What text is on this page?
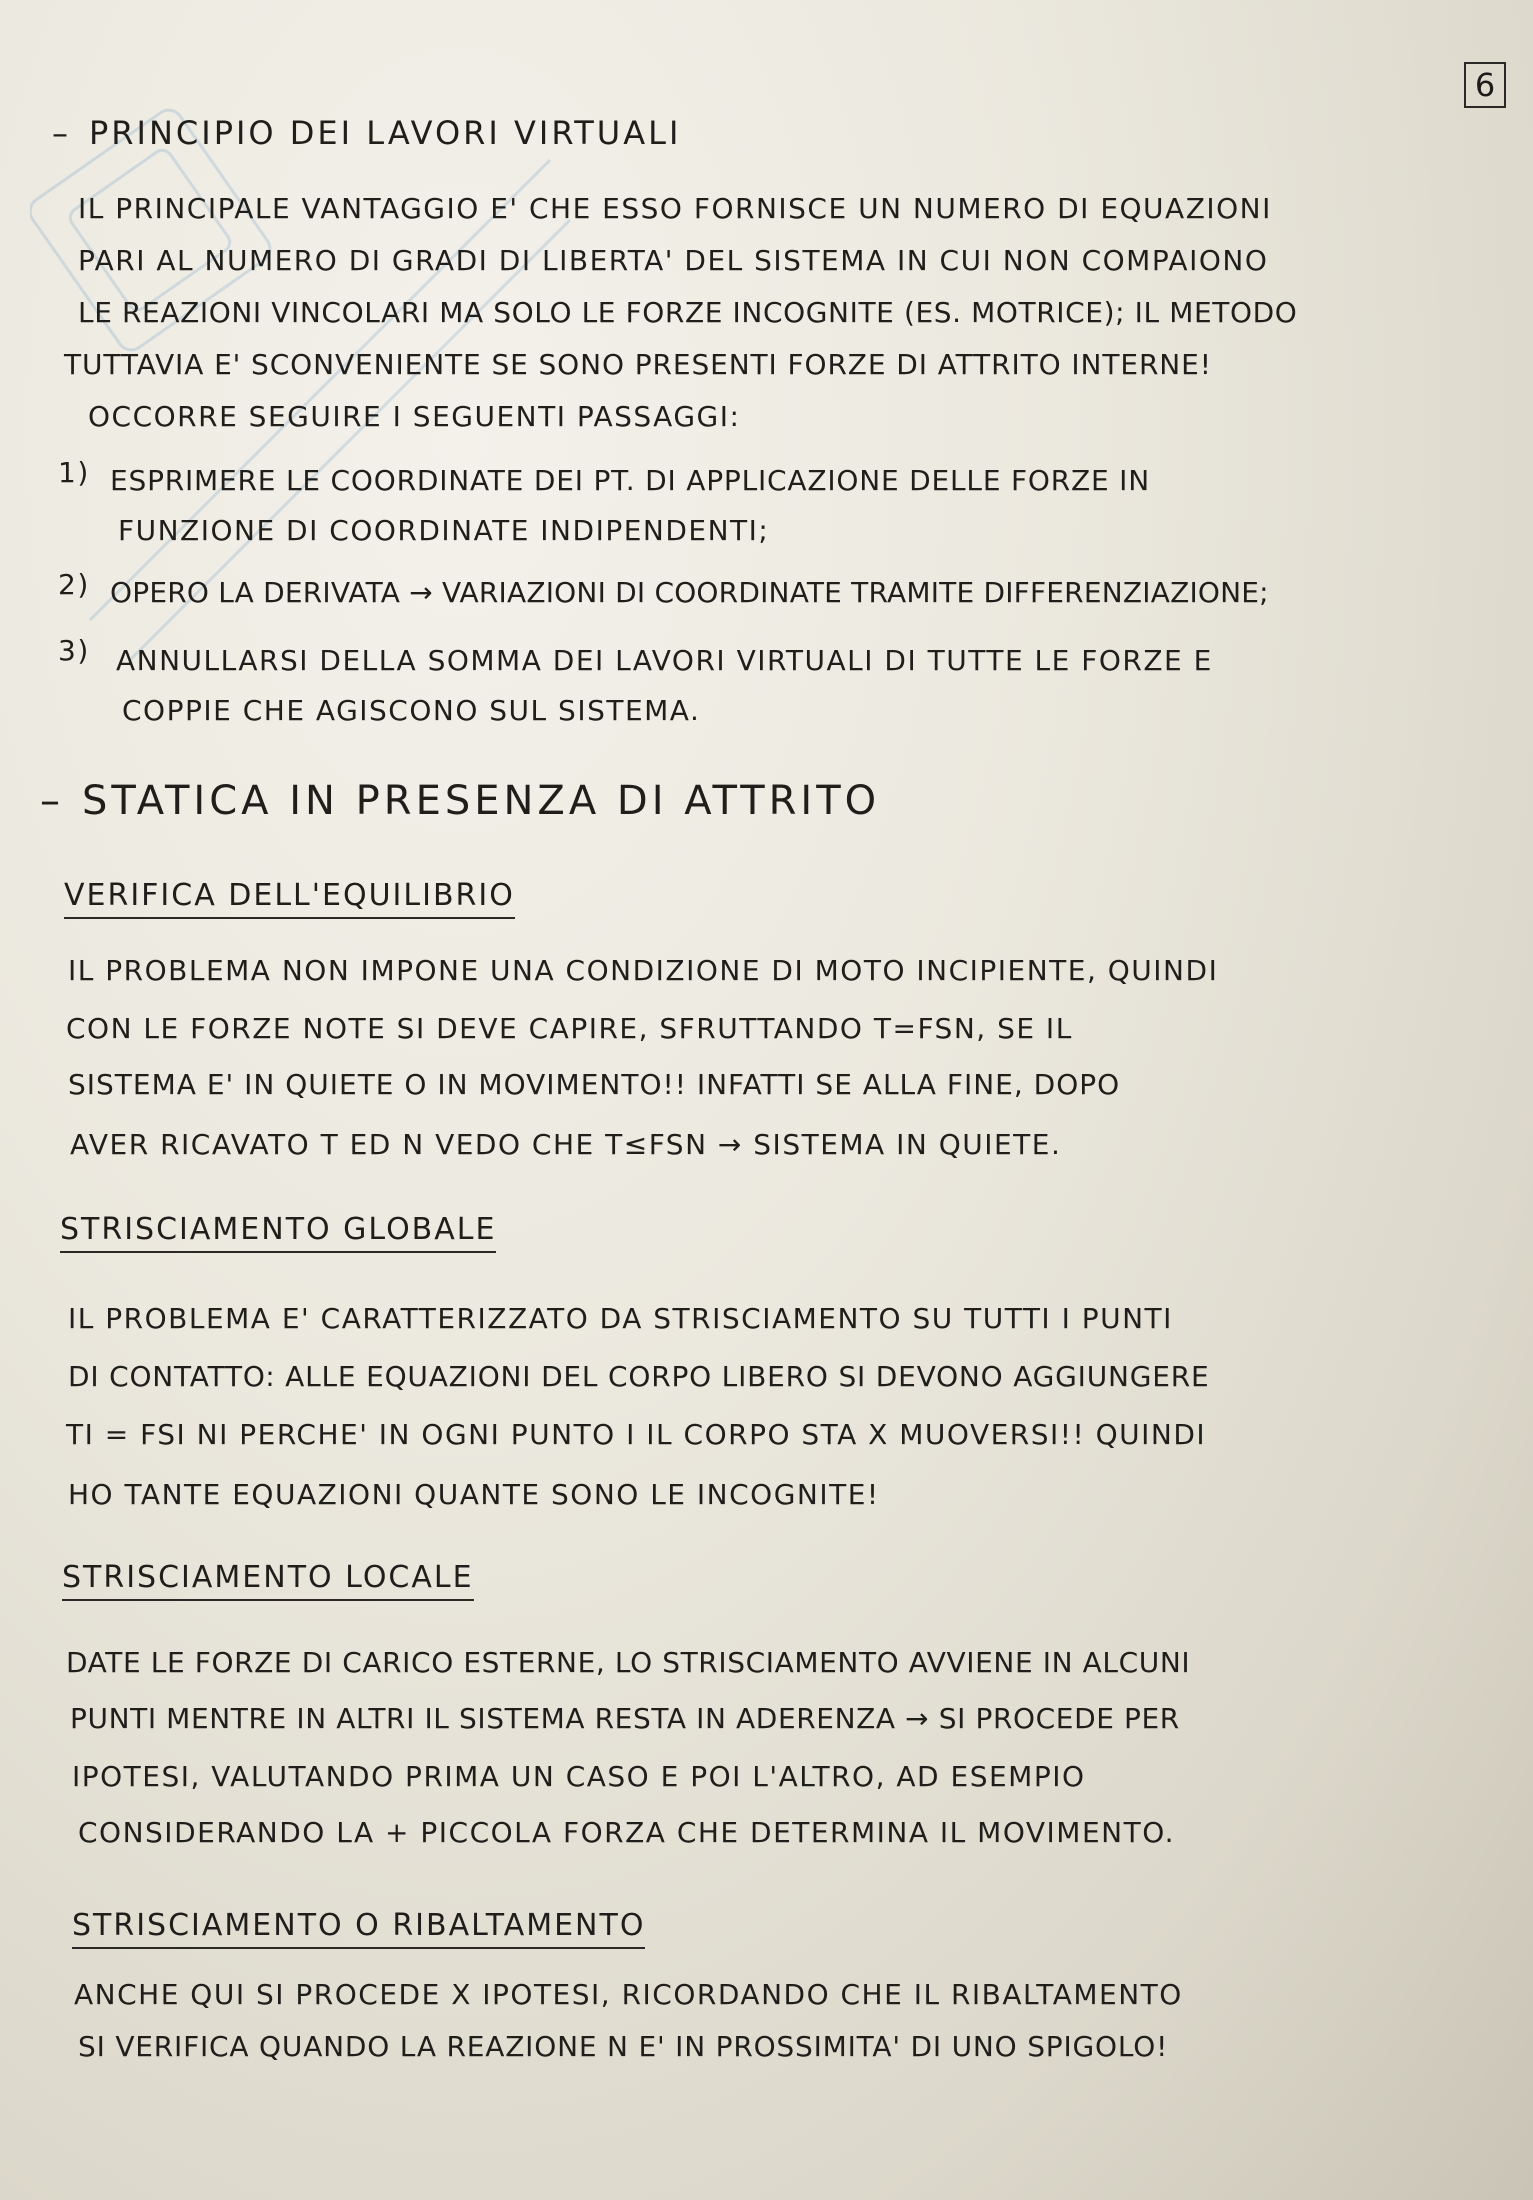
6
– PRINCIPIO DEI LAVORI VIRTUALI
IL PRINCIPALE VANTAGGIO E' CHE ESSO FORNISCE UN NUMERO DI EQUAZIONI
PARI AL NUMERO DI GRADI DI LIBERTA' DEL SISTEMA IN CUI NON COMPAIONO
LE REAZIONI VINCOLARI MA SOLO LE FORZE INCOGNITE (ES. MOTRICE); IL METODO
TUTTAVIA E' SCONVENIENTE SE SONO PRESENTI FORZE DI ATTRITO INTERNE!
OCCORRE SEGUIRE I SEGUENTI PASSAGGI:
1) ESPRIMERE LE COORDINATE DEI PT. DI APPLICAZIONE DELLE FORZE IN
FUNZIONE DI COORDINATE INDIPENDENTI;
2) OPERO LA DERIVATA → VARIAZIONI DI COORDINATE TRAMITE DIFFERENZIAZIONE;
3) ANNULLARSI DELLA SOMMA DEI LAVORI VIRTUALI DI TUTTE LE FORZE E
COPPIE CHE AGISCONO SUL SISTEMA.
– STATICA IN PRESENZA DI ATTRITO
VERIFICA DELL'EQUILIBRIO
IL PROBLEMA NON IMPONE UNA CONDIZIONE DI MOTO INCIPIENTE, QUINDI
CON LE FORZE NOTE SI DEVE CAPIRE, SFRUTTANDO T=FSN, SE IL
SISTEMA E' IN QUIETE O IN MOVIMENTO!! INFATTI SE ALLA FINE, DOPO
AVER RICAVATO T ED N VEDO CHE T≤FSN → SISTEMA IN QUIETE.
STRISCIAMENTO GLOBALE
IL PROBLEMA E' CARATTERIZZATO DA STRISCIAMENTO SU TUTTI I PUNTI
DI CONTATTO: ALLE EQUAZIONI DEL CORPO LIBERO SI DEVONO AGGIUNGERE
TI = FSI NI PERCHE' IN OGNI PUNTO I IL CORPO STA X MUOVERSI!! QUINDI
HO TANTE EQUAZIONI QUANTE SONO LE INCOGNITE!
STRISCIAMENTO LOCALE
DATE LE FORZE DI CARICO ESTERNE, LO STRISCIAMENTO AVVIENE IN ALCUNI
PUNTI MENTRE IN ALTRI IL SISTEMA RESTA IN ADERENZA → SI PROCEDE PER
IPOTESI, VALUTANDO PRIMA UN CASO E POI L'ALTRO, AD ESEMPIO
CONSIDERANDO LA + PICCOLA FORZA CHE DETERMINA IL MOVIMENTO.
STRISCIAMENTO O RIBALTAMENTO
ANCHE QUI SI PROCEDE X IPOTESI, RICORDANDO CHE IL RIBALTAMENTO
SI VERIFICA QUANDO LA REAZIONE N E' IN PROSSIMITA' DI UNO SPIGOLO!
